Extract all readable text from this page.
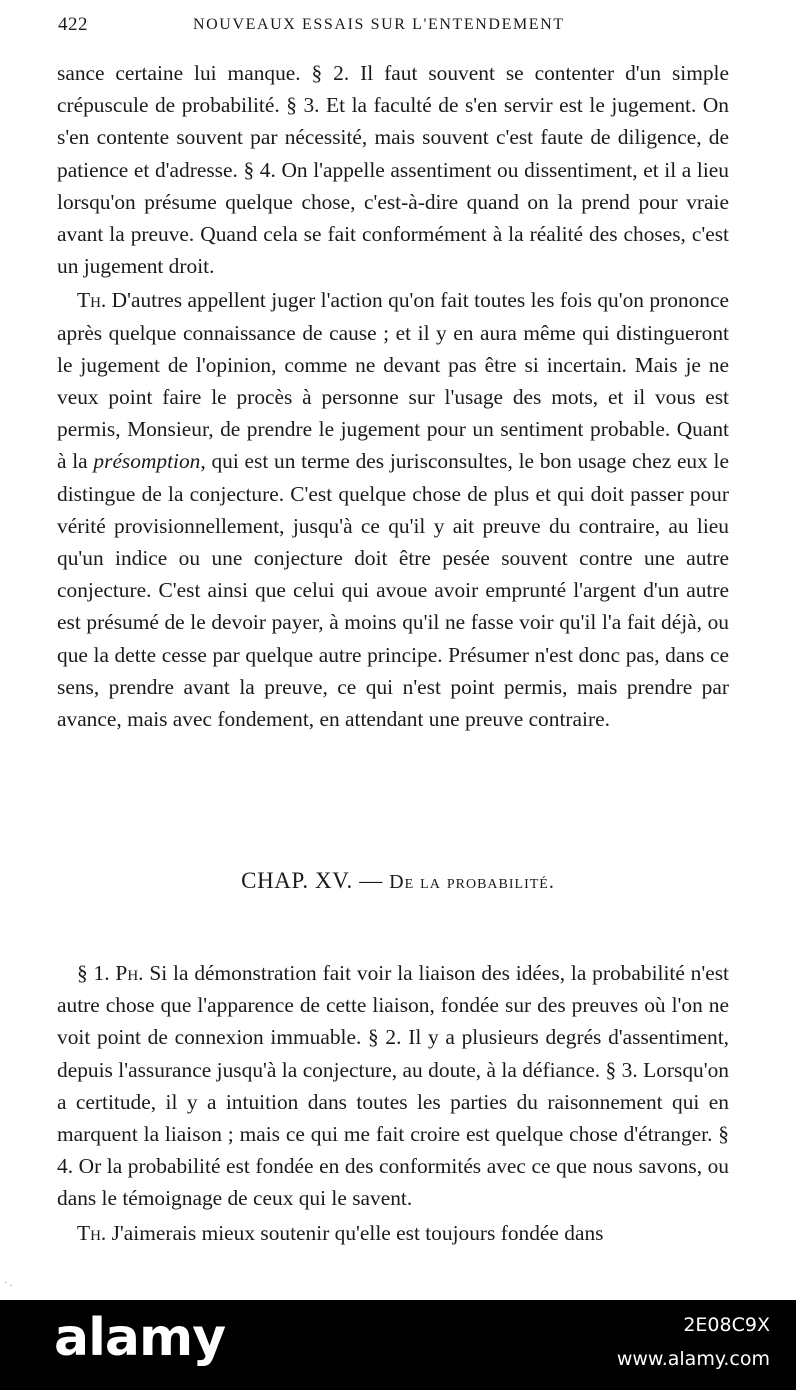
422	NOUVEAUX ESSAIS SUR L'ENTENDEMENT

sance certaine lui manque. § 2. Il faut souvent se contenter d'un simple crépuscule de probabilité. § 3. Et la faculté de s'en servir est le jugement. On s'en contente souvent par nécessité, mais souvent c'est faute de diligence, de patience et d'adresse. § 4. On l'appelle assentiment ou dissentiment, et il a lieu lorsqu'on présume quelque chose, c'est-à-dire quand on la prend pour vraie avant la preuve. Quand cela se fait conformément à la réalité des choses, c'est un jugement droit.

Th. D'autres appellent juger l'action qu'on fait toutes les fois qu'on prononce après quelque connaissance de cause ; et il y en aura même qui distingueront le jugement de l'opinion, comme ne devant pas être si incertain. Mais je ne veux point faire le procès à personne sur l'usage des mots, et il vous est permis, Monsieur, de prendre le jugement pour un sentiment probable. Quant à la présomption, qui est un terme des jurisconsultes, le bon usage chez eux le distingue de la conjecture. C'est quelque chose de plus et qui doit passer pour vérité provisionnellement, jusqu'à ce qu'il y ait preuve du contraire, au lieu qu'un indice ou une conjecture doit être pesée souvent contre une autre conjecture. C'est ainsi que celui qui avoue avoir emprunté l'argent d'un autre est présumé de le devoir payer, à moins qu'il ne fasse voir qu'il l'a fait déjà, ou que la dette cesse par quelque autre principe. Présumer n'est donc pas, dans ce sens, prendre avant la preuve, ce qui n'est point permis, mais prendre par avance, mais avec fondement, en attendant une preuve contraire.

CHAP. XV. — De la probabilité.

§ 1. Ph. Si la démonstration fait voir la liaison des idées, la probabilité n'est autre chose que l'apparence de cette liaison, fondée sur des preuves où l'on ne voit point de connexion immuable. § 2. Il y a plusieurs degrés d'assentiment, depuis l'assurance jusqu'à la conjecture, au doute, à la défiance. § 3. Lorsqu'on a certitude, il y a intuition dans toutes les parties du raisonnement qui en marquent la liaison ; mais ce qui me fait croire est quelque chose d'étranger. § 4. Or la probabilité est fondée en des conformités avec ce que nous savons, ou dans le témoignage de ceux qui le savent.

Th. J'aimerais mieux soutenir qu'elle est toujours fondée dans

· .
alamy	2E08C9X
www.alamy.com
